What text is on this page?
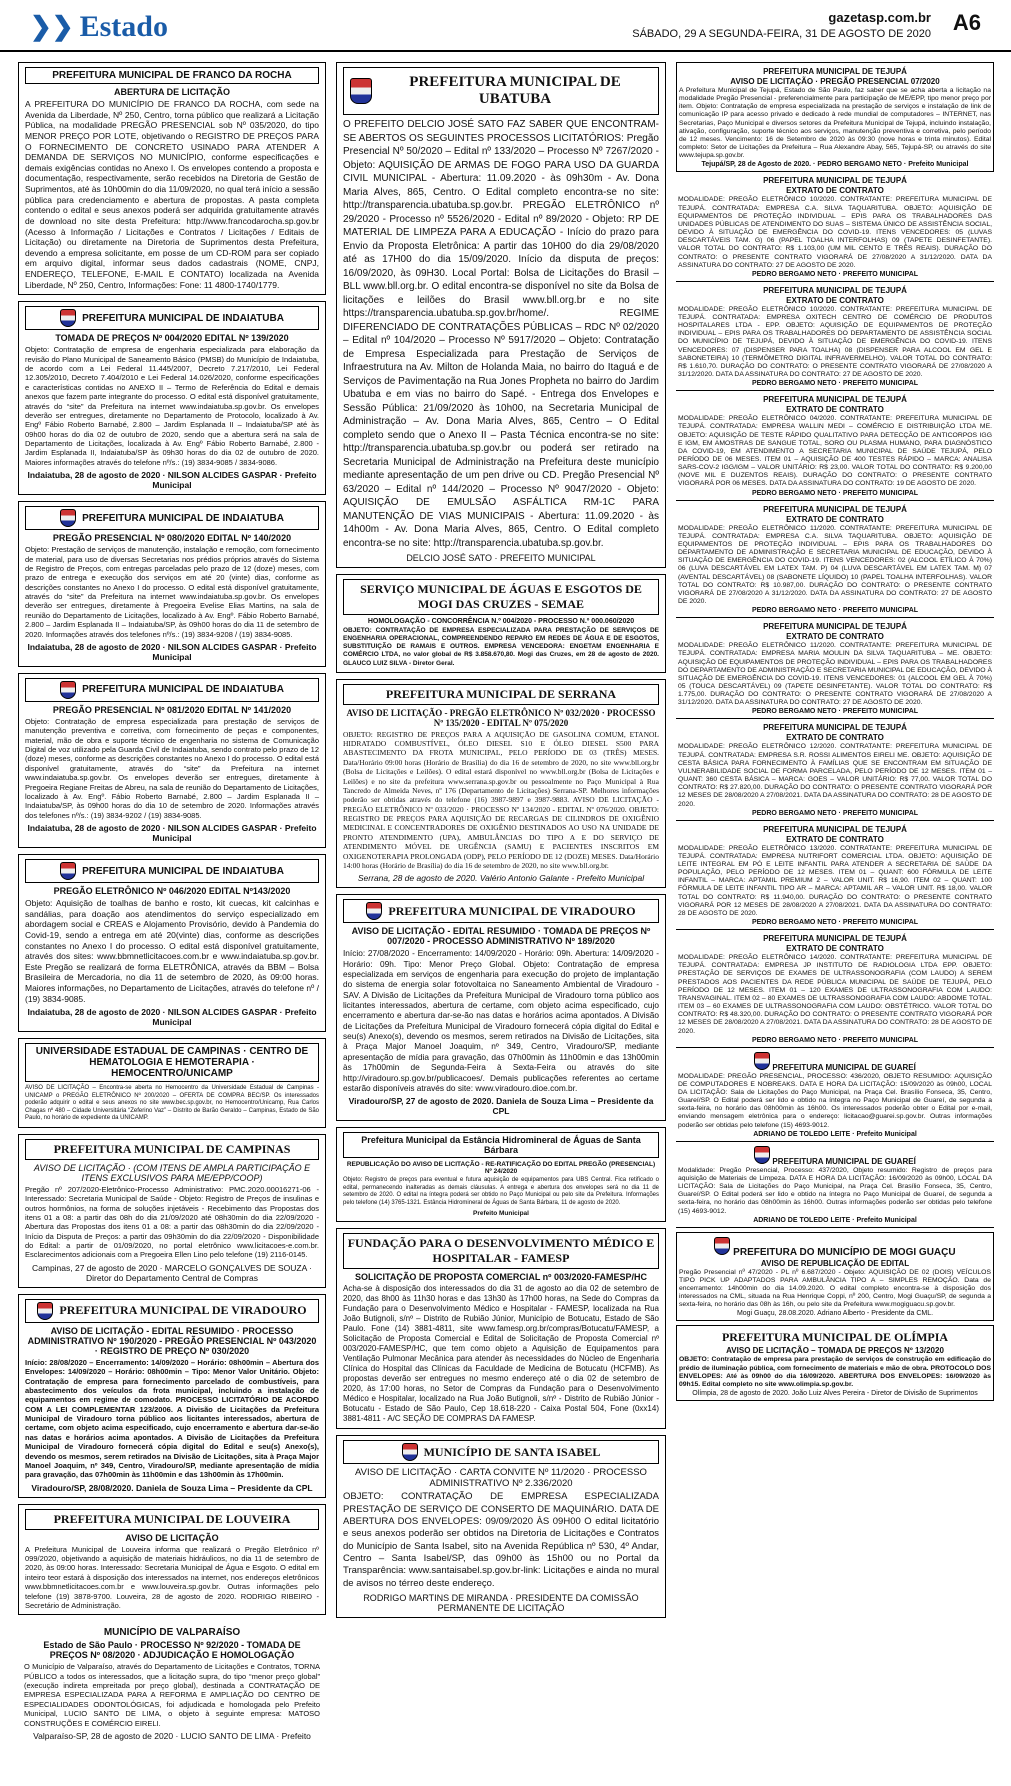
❯❯ Estado	gazetasp.com.br
SÁBADO, 29 A SEGUNDA-FEIRA, 31 DE AGOSTO DE 2020 A6
PREFEITURA MUNICIPAL DE FRANCO DA ROCHA
ABERTURA DE LICITAÇÃO
A PREFEITURA DO MUNICÍPIO DE FRANCO DA ROCHA, com sede na Avenida da Liberdade, Nº 250, Centro, torna público que realizará a Licitação Pública, na modalidade PREGÃO PRESENCIAL sob Nº 035/2020, do tipo MENOR PREÇO POR LOTE, objetivando o REGISTRO DE PREÇOS PARA O FORNECIMENTO DE CONCRETO USINADO PARA ATENDER A DEMANDA DE SERVIÇOS NO MUNICÍPIO, conforme especificações e demais exigências contidas no Anexo I. Os envelopes contendo a proposta e documentação, respectivamente, serão recebidos na Diretoria de Gestão de Suprimentos, até às 10h00min do dia 11/09/2020, no qual terá início a sessão pública para credenciamento e abertura de propostas. A pasta completa contendo o edital e seus anexos poderá ser adquirida gratuitamente através de download no site desta Prefeitura: http://www.francodarocha.sp.gov.br (Acesso à Informação / Licitações e Contratos / Licitações / Editais de Licitação) ou diretamente na Diretoria de Suprimentos desta Prefeitura, devendo a empresa solicitante, em posse de um CD-ROM para ser copiado em arquivo digital, informar seus dados cadastrais (NOME, CNPJ, ENDEREÇO, TELEFONE, E-MAIL E CONTATO) localizada na Avenida Liberdade, Nº 250, Centro, Informações: Fone: 11 4800-1740/1779.
PREFEITURA MUNICIPAL DE INDAIATUBA
TOMADA DE PREÇOS Nº 004/2020 EDITAL Nº 139/2020
Objeto: Contratação de empresa de engenharia especializada para elaboração da revisão do Plano Municipal de Saneamento Básico (PMSB) do Município de Indaiatuba, de acordo com a Lei Federal 11.445/2007, Decreto 7.217/2010, Lei Federal 12.305/2010, Decreto 7.404/2010 e Lei Federal 14.026/2020, conforme especificações e características contidas no ANEXO II – Termo de Referência do Edital e demais anexos que fazem parte integrante do processo. O edital está disponível gratuitamente, através do “site” da Prefeitura na internet www.indaiatuba.sp.gov.br. Os envelopes deverão ser entregues, diretamente no Departamento de Protocolo, localizado à Av. Engº Fábio Roberto Barnabé, 2.800 – Jardim Esplanada II – Indaiatuba/SP até às 09h00 horas do dia 02 de outubro de 2020, sendo que a abertura será na sala de Departamento de Licitações, localizada à Av. Engº Fábio Roberto Barnabé, 2.800 - Jardim Esplanada II, Indaiatuba/SP às 09h30 horas do dia 02 de outubro de 2020. Maiores informações através do telefone nº/s.: (19) 3834-9085 / 3834-9086.
Indaiatuba, 28 de agosto de 2020 · NILSON ALCIDES GASPAR · Prefeito Municipal
PREFEITURA MUNICIPAL DE INDAIATUBA
PREGÃO PRESENCIAL Nº 080/2020 EDITAL Nº 140/2020
Objeto: Prestação de serviços de manutenção, instalação e remoção, com fornecimento de material, para uso de diversas Secretarias nos prédios próprios através do Sistema de Registro de Preços, com entregas parceladas pelo prazo de 12 (doze) meses, com prazo de entrega e execução dos serviços em até 20 (vinte) dias, conforme as descrições constantes no Anexo I do processo. O edital está disponível gratuitamente, através do “site” da Prefeitura na internet www.indaiatuba.sp.gov.br. Os envelopes deverão ser entregues, diretamente à Pregoeira Evelise Elias Martins, na sala de reunião do Departamento de Licitações, localizado à Av. Engº. Fábio Roberto Barnabé, 2.800 – Jardim Esplanada II – Indaiatuba/SP, às 09h00 horas do dia 11 de setembro de 2020. Informações através dos telefones nº/s.: (19) 3834-9208 / (19) 3834-9085.
Indaiatuba, 28 de agosto de 2020 · NILSON ALCIDES GASPAR · Prefeito Municipal
PREFEITURA MUNICIPAL DE INDAIATUBA
PREGÃO PRESENCIAL Nº 081/2020 EDITAL Nº 141/2020
Objeto: Contratação de empresa especializada para prestação de serviços de manutenção preventiva e corretiva, com fornecimento de peças e componentes, material, mão de obra e suporte técnico de engenharia no sistema de Comunicação Digital de voz utilizado pela Guarda Civil de Indaiatuba, sendo contrato pelo prazo de 12 (doze) meses, conforme as descrições constantes no Anexo I do processo. O edital está disponível gratuitamente, através do “site” da Prefeitura na internet www.indaiatuba.sp.gov.br. Os envelopes deverão ser entregues, diretamente à Pregoeira Regiane Freitas de Abreu, na sala de reunião do Departamento de Licitações, localizado à Av. Engº. Fábio Roberto Barnabé, 2.800 – Jardim Esplanada II – Indaiatuba/SP, às 09h00 horas do dia 10 de setembro de 2020. Informações através dos telefones nº/s.: (19) 3834-9202 / (19) 3834-9085.
Indaiatuba, 28 de agosto de 2020 · NILSON ALCIDES GASPAR · Prefeito Municipal
PREFEITURA MUNICIPAL DE INDAIATUBA
PREGÃO ELETRÔNICO Nº 046/2020 EDITAL Nº143/2020
Objeto: Aquisição de toalhas de banho e rosto, kit cuecas, kit calcinhas e sandálias, para doação aos atendimentos do serviço especializado em abordagem social e CREAS e Alojamento Provisório, devido à Pandemia do Covid-19, sendo a entrega em até 20(vinte) dias, conforme as descrições constantes no Anexo I do processo. O edital está disponível gratuitamente, através dos sites: www.bbmnetlicitacoes.com.br e www.indaiatuba.sp.gov.br. Este Pregão se realizará de forma ELETRÔNICA, através da BBM – Bolsa Brasileira de Mercadoria, no dia 11 de setembro de 2020, às 09:00 horas. Maiores informações, no Departamento de Licitações, através do telefone nº / (19) 3834-9085.
Indaiatuba, 28 de agosto de 2020 · NILSON ALCIDES GASPAR · Prefeito Municipal
UNIVERSIDADE ESTADUAL DE CAMPINAS · CENTRO DE HEMATOLOGIA E HEMOTERAPIA · HEMOCENTRO/UNICAMP
AVISO DE LICITAÇÃO – Encontra-se aberta no Hemocentro da Universidade Estadual de Campinas - UNICAMP o PREGÃO ELETRÔNICO Nº 200/2020 – OFERTA DE COMPRA BEC/SP. Os interessados poderão adquirir o edital e seus anexos no site www.bec.sp.gov.br, no Hemocentro/Unicamp, Rua Carlos Chagas nº 480 – Cidade Universitária “Zeferino Vaz” – Distrito de Barão Geraldo – Campinas, Estado de São Paulo, no horário de expediente da UNICAMP.
PREFEITURA MUNICIPAL DE CAMPINAS
AVISO DE LICITAÇÃO · (COM ITENS DE AMPLA PARTICIPAÇÃO E ITENS EXCLUSIVOS PARA ME/EPP/COOP)
Pregão nº 207/2020-Eletrônico-Processo Administrativo: PMC.2020.00016271-06 - Interessado: Secretaria Municipal de Saúde - Objeto: Registro de Preços de insulinas e outros hormônios, na forma de soluções injetáveis - Recebimento das Propostas dos itens 01 a 08: a partir das 08h do dia 21/09/2020 até 08h30min do dia 22/09/2020 - Abertura das Propostas dos itens 01 a 08: a partir das 08h30min do dia 22/09/2020 - Início da Disputa de Preços: a partir das 09h30min do dia 22/09/2020 - Disponibilidade do Edital: a partir de 01/09/2020, no portal eletrônico www.licitacoes-e.com.br. Esclarecimentos adicionais com a Pregoeira Ellen Lino pelo telefone (19) 2116-0145.
Campinas, 27 de agosto de 2020 · MARCELO GONÇALVES DE SOUZA · Diretor do Departamento Central de Compras
PREFEITURA MUNICIPAL DE VIRADOURO
AVISO DE LICITAÇÃO - EDITAL RESUMIDO · PROCESSO ADMINISTRATIVO Nº 190/2020 - PREGÃO PRESENCIAL Nº 043/2020 · REGISTRO DE PREÇO Nº 030/2020
Início: 28/08/2020 – Encerramento: 14/09/2020 – Horário: 08h00min – Abertura dos Envelopes: 14/09/2020 – Horário: 08h00min – Tipo: Menor Valor Unitário. Objeto: Contratação de empresa para fornecimento parcelado de combustíveis, para abastecimento dos veículos da frota municipal, incluindo a instalação de equipamentos em regime de comodato. PROCESSO LICITATÓRIO DE ACORDO COM A LEI COMPLEMENTAR 123/2006. A Divisão de Licitações da Prefeitura Municipal de Viradouro torna público aos licitantes interessados, abertura de certame, com objeto acima especificado, cujo encerramento e abertura dar-se-ão nas datas e horários acima apontados. A Divisão de Licitações da Prefeitura Municipal de Viradouro fornecerá cópia digital do Edital e seu(s) Anexo(s), devendo os mesmos, serem retirados na Divisão de Licitações, sita à Praça Major Manoel Joaquim, nº 349, Centro, Viradouro/SP, mediante apresentação de mídia para gravação, das 07h00min às 11h00min e das 13h00min às 17h00min.
Viradouro/SP, 28/08/2020. Daniela de Souza Lima – Presidente da CPL
PREFEITURA MUNICIPAL DE LOUVEIRA
AVISO DE LICITAÇÃO
A Prefeitura Municipal de Louveira informa que realizará o Pregão Eletrônico nº 099/2020, objetivando a aquisição de materiais hidráulicos, no dia 11 de setembro de 2020, às 09:00 horas. Interessado: Secretaria Municipal de Água e Esgoto. O edital em inteiro teor estará à disposição dos interessados na internet, nos endereços eletrônicos www.bbmnetlicitacoes.com.br e www.louveira.sp.gov.br. Outras informações pelo telefone (19) 3878-9700. Louveira, 28 de agosto de 2020. RODRIGO RIBEIRO - Secretário de Administração.
MUNICÍPIO DE VALPARAÍSO
Estado de São Paulo · PROCESSO Nº 92/2020 - TOMADA DE PREÇOS Nº 08/2020 · ADJUDICAÇÃO E HOMOLOGAÇÃO
O Município de Valparaíso, através do Departamento de Licitações e Contratos, TORNA PÚBLICO a todos os interessados, que a licitação supra, do tipo “menor preço global” (execução indireta empreitada por preço global), destinada a CONTRATAÇÃO DE EMPRESA ESPECIALIZADA PARA A REFORMA E AMPLIAÇÃO DO CENTRO DE ESPECIALIDADES ODONTOLÓGICAS, foi adjudicada e homologada pelo Prefeito Municipal, LUCIO SANTO DE LIMA, o objeto à seguinte empresa: MATOSO CONSTRUÇÕES E COMÉRCIO EIRELI.
Valparaíso-SP, 28 de agosto de 2020 · LUCIO SANTO DE LIMA · Prefeito
PREFEITURA MUNICIPAL DE UBATUBA
O PREFEITO DELCIO JOSÉ SATO FAZ SABER QUE ENCONTRAM-SE ABERTOS OS SEGUINTES PROCESSOS LICITATÓRIOS: Pregão Presencial Nº 50/2020 – Edital nº 133/2020 – Processo Nº 7267/2020 - Objeto: AQUISIÇÃO DE ARMAS DE FOGO PARA USO DA GUARDA CIVIL MUNICIPAL - Abertura: 11.09.2020 - às 09h30m - Av. Dona Maria Alves, 865, Centro. O Edital completo encontra-se no site: http://transparencia.ubatuba.sp.gov.br. PREGÃO ELETRÔNICO nº 29/2020 - Processo nº 5526/2020 - Edital nº 89/2020 - Objeto: RP DE MATERIAL DE LIMPEZA PARA A EDUCAÇÃO - Início do prazo para Envio da Proposta Eletrônica: A partir das 10H00 do dia 29/08/2020 até as 17H00 do dia 15/09/2020. Início da disputa de preços: 16/09/2020, às 09H30. Local Portal: Bolsa de Licitações do Brasil – BLL www.bll.org.br. O edital encontra-se disponível no site da Bolsa de licitações e leilões do Brasil www.bll.org.br e no site https://transparencia.ubatuba.sp.gov.br/home/. REGIME DIFERENCIADO DE CONTRATAÇÕES PÚBLICAS – RDC Nº 02/2020 – Edital nº 104/2020 – Processo Nº 5917/2020 – Objeto: Contratação de Empresa Especializada para Prestação de Serviços de Infraestrutura na Av. Milton de Holanda Maia, no bairro do Itaguá e de Serviços de Pavimentação na Rua Jones Propheta no bairro do Jardim Ubatuba e em vias no bairro do Sapé. - Entrega dos Envelopes e Sessão Pública: 21/09/2020 às 10h00, na Secretaria Municipal de Administração – Av. Dona Maria Alves, 865, Centro – O Edital completo sendo que o Anexo II – Pasta Técnica encontra-se no site: http://transparencia.ubatuba.sp.gov.br ou poderá ser retirado na Secretaria Municipal de Administração na Prefeitura deste município mediante apresentação de um pen drive ou CD. Pregão Presencial Nº 63/2020 – Edital nº 144/2020 – Processo Nº 9047/2020 - Objeto: AQUISIÇÃO DE EMULSÃO ASFÁLTICA RM-1C PARA MANUTENÇÃO DE VIAS MUNICIPAIS - Abertura: 11.09.2020 - às 14h00m - Av. Dona Maria Alves, 865, Centro. O Edital completo encontra-se no site: http://transparencia.ubatuba.sp.gov.br.
DELCIO JOSÉ SATO · PREFEITO MUNICIPAL
SERVIÇO MUNICIPAL DE ÁGUAS E ESGOTOS DE MOGI DAS CRUZES - SEMAE
HOMOLOGAÇÃO - CONCORRÊNCIA N.º 004/2020 - PROCESSO N.º 000.060/2020
OBJETO: CONTRATAÇÃO DE EMPRESA ESPECIALIZADA PARA PRESTAÇÃO DE SERVIÇOS DE ENGENHARIA OPERACIONAL, COMPREENDENDO REPARO EM REDES DE ÁGUA E DE ESGOTOS, SUBSTITUIÇÃO DE RAMAIS E OUTROS. EMPRESA VENCEDORA: ENGETAM ENGENHARIA E COMÉRCIO LTDA, no valor global de R$ 3.858.670,80. Mogi das Cruzes, em 28 de agosto de 2020. GLAUCO LUIZ SILVA - Diretor Geral.
PREFEITURA MUNICIPAL DE SERRANA
AVISO DE LICITAÇÃO - PREGÃO ELETRÔNICO Nº 032/2020 · PROCESSO Nº 135/2020 - EDITAL Nº 075/2020
OBJETO: REGISTRO DE PREÇOS PARA A AQUISIÇÃO DE GASOLINA COMUM, ETANOL HIDRATADO COMBUSTÍVEL, ÓLEO DIESEL S10 E ÓLEO DIESEL S500 PARA ABASTECIMENTO DA FROTA MUNICIPAL, PELO PERÍODO DE 03 (TRÊS) MESES. Data/Horário 09:00 horas (Horário de Brasília) do dia 16 de setembro de 2020, no site www.bll.org.br (Bolsa de Licitações e Leilões). O edital estará disponível no www.bll.org.br (Bolsa de Licitações e Leilões) e no site da prefeitura www.serrana.sp.gov.br ou pessoalmente no Paço Municipal à Rua Tancredo de Almeida Neves, nº 176 (Departamento de Licitações) Serrana-SP. Melhores informações poderão ser obtidas através do telefone (16) 3987-9897 e 3987-9883. AVISO DE LICITAÇÃO - PREGÃO ELETRÔNICO Nº 033/2020 · PROCESSO Nº 134/2020 - EDITAL Nº 076/2020. OBJETO: REGISTRO DE PREÇOS PARA AQUISIÇÃO DE RECARGAS DE CILINDROS DE OXIGÊNIO MEDICINAL E CONCENTRADORES DE OXIGÊNIO DESTINADOS AO USO NA UNIDADE DE PRONTO ATENDIMENTO (UPA), AMBULÂNCIAS DO TIPO A E DO SERVIÇO DE ATENDIMENTO MÓVEL DE URGÊNCIA (SAMU) E PACIENTES INSCRITOS EM OXIGENOTERAPIA PROLONGADA (ODP), PELO PERÍODO DE 12 (DOZE) MESES. Data/Horário 14:00 horas (Horário de Brasília) do dia 16 de setembro de 2020, no site www.bll.org.br.
Serrana, 28 de agosto de 2020. Valério Antonio Galante - Prefeito Municipal
PREFEITURA MUNICIPAL DE VIRADOURO
AVISO DE LICITAÇÃO - EDITAL RESUMIDO · TOMADA DE PREÇOS Nº 007/2020 - PROCESSO ADMINISTRATIVO Nº 189/2020
Início: 27/08/2020 - Encerramento: 14/09/2020 - Horário: 09h. Abertura: 14/09/2020 - Horário: 09h. Tipo: Menor Preço Global. Objeto: Contratação de empresa especializada em serviços de engenharia para execução do projeto de implantação do sistema de energia solar fotovoltaica no Saneamento Ambiental de Viradouro - SAV. A Divisão de Licitações da Prefeitura Municipal de Viradouro torna público aos licitantes interessados, abertura de certame, com objeto acima especificado, cujo encerramento e abertura dar-se-ão nas datas e horários acima apontados. A Divisão de Licitações da Prefeitura Municipal de Viradouro fornecerá cópia digital do Edital e seu(s) Anexo(s), devendo os mesmos, serem retirados na Divisão de Licitações, sita à Praça Major Manoel Joaquim, nº 349, Centro, Viradouro/SP, mediante apresentação de mídia para gravação, das 07h00min às 11h00min e das 13h00min às 17h00min de Segunda-Feira à Sexta-Feira ou através do site http://viradouro.sp.gov.br/publicacoes/. Demais publicações referentes ao certame estarão disponíveis através do site: www.viradouro.dioe.com.br.
Viradouro/SP, 27 de agosto de 2020. Daniela de Souza Lima – Presidente da CPL
Prefeitura Municipal da Estância Hidromineral de Águas de Santa Bárbara
REPUBLICAÇÃO DO AVISO DE LICITAÇÃO - RE-RATIFICAÇÃO DO EDITAL PREGÃO (PRESENCIAL) Nº 24/2020
Objeto: Registro de preços para eventual e futura aquisição de equipamentos para UBS Central. Fica retificado o edital, permanecendo inalteradas as demais cláusulas. A entrega e abertura dos envelopes será no dia 11 de setembro de 2020. O edital na íntegra poderá ser obtido no Paço Municipal ou pelo site da Prefeitura. Informações pelo telefone (14) 3765-1321. Estância Hidromineral de Águas de Santa Bárbara, 11 de agosto de 2020.
Prefeito Municipal
FUNDAÇÃO PARA O DESENVOLVIMENTO MÉDICO E HOSPITALAR - FAMESP
SOLICITAÇÃO DE PROPOSTA COMERCIAL nº 003/2020-FAMESP/HC
Acha-se à disposição dos interessados do dia 31 de agosto ao dia 02 de setembro de 2020, das 8h00 às 11h30 horas e das 13h30 às 17h00 horas, na Sede do Compras da Fundação para o Desenvolvimento Médico e Hospitalar - FAMESP, localizada na Rua João Butignoli, s/nº – Distrito de Rubião Júnior, Município de Botucatu, Estado de São Paulo. Fone (14) 3881-4811, site www.famesp.org.br/compras/Botucatu/FAMESP, a Solicitação de Proposta Comercial e Edital de Solicitação de Proposta Comercial nº 003/2020-FAMESP/HC, que tem como objeto a Aquisição de Equipamentos para Ventilação Pulmonar Mecânica para atender às necessidades do Núcleo de Engenharia Clínica do Hospital das Clínicas da Faculdade de Medicina de Botucatu (HCFMB). As propostas deverão ser entregues no mesmo endereço até o dia 02 de setembro de 2020, às 17:00 horas, no Setor de Compras da Fundação para o Desenvolvimento Médico e Hospitalar, localizado na Rua João Butignoli, s/nº - Distrito de Rubião Júnior - Botucatu - Estado de São Paulo, Cep 18.618-220 - Caixa Postal 504, Fone (0xx14) 3881-4811 - A/C SEÇÃO DE COMPRAS DA FAMESP.
MUNICÍPIO DE SANTA ISABEL
AVISO DE LICITAÇÃO · CARTA CONVITE Nº 11/2020 · PROCESSO ADMINISTRATIVO Nº 2.336/2020
OBJETO: CONTRATAÇÃO DE EMPRESA ESPECIALIZADA PRESTAÇÃO DE SERVIÇO DE CONSERTO DE MAQUINÁRIO. DATA DE ABERTURA DOS ENVELOPES: 09/09/2020 ÀS 09H00 O edital licitatório e seus anexos poderão ser obtidos na Diretoria de Licitações e Contratos do Município de Santa Isabel, sito na Avenida República nº 530, 4º Andar, Centro – Santa Isabel/SP, das 09h00 às 15h00 ou no Portal da Transparência: www.santaisabel.sp.gov.br-link: Licitações e ainda no mural de avisos no térreo deste endereço.
RODRIGO MARTINS DE MIRANDA · PRESIDENTE DA COMISSÃO PERMANENTE DE LICITAÇÃO
PREFEITURA MUNICIPAL DE TEJUPÁ
AVISO DE LICITAÇÃO · PREGÃO PRESENCIAL 07/2020
A Prefeitura Municipal de Tejupá, Estado de São Paulo, faz saber que se acha aberta a licitação na modalidade Pregão Presencial - preferencialmente para participação de ME/EPP, tipo menor preço por item. Objeto: Contratação de empresa especializada na prestação de serviços e instalação de link de comunicação IP para acesso privado e dedicado à rede mundial de computadores – INTERNET, nas Secretarias, Paço Municipal e diversos setores da Prefeitura Municipal de Tejupá, incluindo instalação, ativação, configuração, suporte técnico aos serviços, manutenção preventiva e corretiva, pelo período de 12 meses. Vencimento: 16 de Setembro de 2020 às 09:30 (nove horas e trinta minutos). Edital completo: Setor de Licitações da Prefeitura – Rua Alexandre Abay, 565, Tejupá-SP, ou através do site www.tejupa.sp.gov.br.
Tejupá/SP, 28 de Agosto de 2020. · PEDRO BERGAMO NETO · Prefeito Municipal
PREFEITURA MUNICIPAL DE TEJUPÁ
EXTRATO DE CONTRATO
MODALIDADE: PREGÃO ELETRÔNICO 10/2020. CONTRATANTE: PREFEITURA MUNICIPAL DE TEJUPÁ. CONTRATADA: EMPRESA C.A. SILVA TAQUARITUBA. OBJETO: AQUISIÇÃO DE EQUIPAMENTOS DE PROTEÇÃO INDIVIDUAL – EPIS PARA OS TRABALHADORES DAS UNIDADES PÚBLICAS DE ATENDIMENTO DO SUAS – SISTEMA ÚNICO DE ASSISTÊNCIA SOCIAL, DEVIDO À SITUAÇÃO DE EMERGÊNCIA DO COVID-19. ITENS VENCEDORES: 05 (LUVAS DESCARTÁVEIS TAM. G) 06 (PAPEL TOALHA INTERFOLHAS) 09 (TAPETE DESINFETANTE). VALOR TOTAL DO CONTRATO: R$ 1.103,00 (UM MIL CENTO E TRÊS REAIS). DURAÇÃO DO CONTRATO: O PRESENTE CONTRATO VIGORARÁ DE 27/08/2020 A 31/12/2020. DATA DA ASSINATURA DO CONTRATO: 27 DE AGOSTO DE 2020.
PEDRO BERGAMO NETO · PREFEITO MUNICIPAL
PREFEITURA MUNICIPAL DE TEJUPÁ
EXTRATO DE CONTRATO
MODALIDADE: PREGÃO ELETRÔNICO 10/2020. CONTRATANTE: PREFEITURA MUNICIPAL DE TEJUPÁ. CONTRATADA: EMPRESA OXITECH CENTRO DE COMÉRCIO DE PRODUTOS HOSPITALARES LTDA - EPP. OBJETO: AQUISIÇÃO DE EQUIPAMENTOS DE PROTEÇÃO INDIVIDUAL – EPIS PARA OS TRABALHADORES DO DEPARTAMENTO DE ASSISTÊNCIA SOCIAL DO MUNICÍPIO DE TEJUPÁ, DEVIDO À SITUAÇÃO DE EMERGÊNCIA DO COVID-19. ITENS VENCEDORES: 07 (DISPENSER PARA TOALHA) 08 (DISPENSER PARA ALCOOL EM GEL E SABONETEIRA) 10 (TERMÔMETRO DIGITAL INFRAVERMELHO). VALOR TOTAL DO CONTRATO: R$ 1.610,70. DURAÇÃO DO CONTRATO: O PRESENTE CONTRATO VIGORARÁ DE 27/08/2020 A 31/12/2020. DATA DA ASSINATURA DO CONTRATO: 27 DE AGOSTO DE 2020.
PEDRO BERGAMO NETO · PREFEITO MUNICIPAL
PREFEITURA MUNICIPAL DE TEJUPÁ
EXTRATO DE CONTRATO
MODALIDADE: PREGÃO ELETRÔNICO 04/2020. CONTRATANTE: PREFEITURA MUNICIPAL DE TEJUPÁ. CONTRATADA: EMPRESA WALLIN MEDI – COMÉRCIO E DISTRIBUIÇÃO LTDA ME. OBJETO: AQUISIÇÃO DE TESTE RÁPIDO QUALITATIVO PARA DETECÇÃO DE ANTICORPOS IGG E IGM, EM AMOSTRAS DE SANGUE TOTAL, SORO OU PLASMA HUMANO, PARA DIAGNÓSTICO DA COVID-19, EM ATENDIMENTO A SECRETARIA MUNICIPAL DE SAÚDE TEJUPÁ, PELO PERÍODO DE 06 MESES. ITEM 01 – AQUISIÇÃO DE 400 TESTES RÁPIDO – MARCA: ANALISA SARS-COV-2 IGG/IGM – VALOR UNITÁRIO: R$ 23,00. VALOR TOTAL DO CONTRATO: R$ 9.200,00 (NOVE MIL E DUZENTOS REAIS). DURAÇÃO DO CONTRATO: O PRESENTE CONTRATO VIGORARÁ POR 06 MESES. DATA DA ASSINATURA DO CONTRATO: 19 DE AGOSTO DE 2020.
PEDRO BERGAMO NETO · PREFEITO MUNICIPAL
PREFEITURA MUNICIPAL DE TEJUPÁ
EXTRATO DE CONTRATO
MODALIDADE: PREGÃO ELETRÔNICO 11/2020. CONTRATANTE: PREFEITURA MUNICIPAL DE TEJUPÁ. CONTRATADA: EMPRESA C.A. SILVA TAQUARITUBA. OBJETO: AQUISIÇÃO DE EQUIPAMENTOS DE PROTEÇÃO INDIVIDUAL – EPIS PARA OS TRABALHADORES DO DEPARTAMENTO DE ADMINISTRAÇÃO E SECRETARIA MUNICIPAL DE EDUCAÇÃO, DEVIDO À SITUAÇÃO DE EMERGÊNCIA DO COVID-19. ITENS VENCEDORES: 02 (ALCOOL ETÍLICO À 70%) 06 (LUVA DESCARTÁVEL EM LATEX TAM. P) 04 (LUVA DESCARTÁVEL EM LATEX TAM. M) 07 (AVENTAL DESCARTÁVEL) 08 (SABONETE LÍQUIDO) 10 (PAPEL TOALHA INTERFOLHAS). VALOR TOTAL DO CONTRATO: R$ 10.987,00. DURAÇÃO DO CONTRATO: O PRESENTE CONTRATO VIGORARÁ DE 27/08/2020 A 31/12/2020. DATA DA ASSINATURA DO CONTRATO: 27 DE AGOSTO DE 2020.
PEDRO BERGAMO NETO · PREFEITO MUNICIPAL
PREFEITURA MUNICIPAL DE TEJUPÁ
EXTRATO DE CONTRATO
MODALIDADE: PREGÃO ELETRÔNICO 11/2020. CONTRATANTE: PREFEITURA MUNICIPAL DE TEJUPÁ. CONTRATADA: EMPRESA MARIA MOULIN DA SILVA TAQUARITUBA – ME. OBJETO: AQUISIÇÃO DE EQUIPAMENTOS DE PROTEÇÃO INDIVIDUAL – EPIS PARA OS TRABALHADORES DO DEPARTAMENTO DE ADMINISTRAÇÃO E SECRETARIA MUNICIPAL DE EDUCAÇÃO, DEVIDO À SITUAÇÃO DE EMERGÊNCIA DO COVID-19. ITENS VENCEDORES: 01 (ALCOOL EM GEL À 70%) 05 (TOUCA DESCARTÁVEL) 09 (TAPETE DESINFETANTE). VALOR TOTAL DO CONTRATO: R$ 1.775,00. DURAÇÃO DO CONTRATO: O PRESENTE CONTRATO VIGORARÁ DE 27/08/2020 A 31/12/2020. DATA DA ASSINATURA DO CONTRATO: 27 DE AGOSTO DE 2020.
PEDRO BERGAMO NETO · PREFEITO MUNICIPAL
PREFEITURA MUNICIPAL DE TEJUPÁ
EXTRATO DE CONTRATO
MODALIDADE: PREGÃO ELETRÔNICO 12/2020. CONTRATANTE: PREFEITURA MUNICIPAL DE TEJUPÁ. CONTRATADA: EMPRESA S.R. ROSSI ALIMENTOS EIRELI ME. OBJETO: AQUISIÇÃO DE CESTA BÁSICA PARA FORNECIMENTO À FAMÍLIAS QUE SE ENCONTRAM EM SITUAÇÃO DE VULNERABILIDADE SOCIAL DE FORMA PARCELADA, PELO PERÍODO DE 12 MESES. ITEM 01 – QUANT: 360 CESTA BÁSICA – MARCA: GOES – VALOR UNITÁRIO: R$ 77,00. VALOR TOTAL DO CONTRATO: R$ 27.820,00. DURAÇÃO DO CONTRATO: O PRESENTE CONTRATO VIGORARÁ POR 12 MESES DE 28/08/2020 A 27/08/2021. DATA DA ASSINATURA DO CONTRATO: 28 DE AGOSTO DE 2020.
PEDRO BERGAMO NETO · PREFEITO MUNICIPAL
PREFEITURA MUNICIPAL DE TEJUPÁ
EXTRATO DE CONTRATO
MODALIDADE: PREGÃO ELETRÔNICO 13/2020. CONTRATANTE: PREFEITURA MUNICIPAL DE TEJUPÁ. CONTRATADA: EMPRESA NUTRIFORT COMERCIAL LTDA. OBJETO: AQUISIÇÃO DE LEITE INTEGRAL EM PÓ E LEITE INFANTIL PARA ATENDER A SECRETARIA DE SAÚDE DA POPULAÇÃO, PELO PERÍODO DE 12 MESES. ITEM 01 – QUANT: 600 FÓRMULA DE LEITE INFANTIL – MARCA: APTAMIL PREMIUM 2 – VALOR UNIT. R$ 16,90. ITEM 02 – QUANT: 100 FÓRMULA DE LEITE INFANTIL TIPO AR – MARCA: APTAMIL AR – VALOR UNIT. R$ 18,00. VALOR TOTAL DO CONTRATO: R$ 11.940,00. DURAÇÃO DO CONTRATO: O PRESENTE CONTRATO VIGORARÁ POR 12 MESES DE 28/08/2020 A 27/08/2021. DATA DA ASSINATURA DO CONTRATO: 28 DE AGOSTO DE 2020.
PEDRO BERGAMO NETO · PREFEITO MUNICIPAL
PREFEITURA MUNICIPAL DE TEJUPÁ
EXTRATO DE CONTRATO
MODALIDADE: PREGÃO ELETRÔNICO 14/2020. CONTRATANTE: PREFEITURA MUNICIPAL DE TEJUPÁ. CONTRATADA: EMPRESA JP INSTITUTO DE RADIOLOGIA LTDA EPP. OBJETO: PRESTAÇÃO DE SERVIÇOS DE EXAMES DE ULTRASSONOGRAFIA (COM LAUDO) A SEREM PRESTADOS AOS PACIENTES DA REDE PÚBLICA MUNICIPAL DE SAÚDE DE TEJUPÁ, PELO PERÍODO DE 12 MESES. ITEM 01 – 120 EXAMES DE ULTRASSONOGRAFIA COM LAUDO: TRANSVAGINAL. ITEM 02 – 80 EXAMES DE ULTRASSONOGRAFIA COM LAUDO: ABDOME TOTAL. ITEM 03 – 60 EXAMES DE ULTRASSONOGRAFIA COM LAUDO: OBSTÉTRICO. VALOR TOTAL DO CONTRATO: R$ 48.320,00. DURAÇÃO DO CONTRATO: O PRESENTE CONTRATO VIGORARÁ POR 12 MESES DE 28/08/2020 A 27/08/2021. DATA DA ASSINATURA DO CONTRATO: 28 DE AGOSTO DE 2020.
PEDRO BERGAMO NETO · PREFEITO MUNICIPAL
PREFEITURA MUNICIPAL DE GUAREÍ
MODALIDADE: PREGÃO PRESENCIAL, PROCESSO: 436/2020, OBJETO RESUMIDO: AQUISIÇÃO DE COMPUTADORES E NOBREAKS. DATA E HORA DA LICITAÇÃO: 15/09/2020 às 09h00, LOCAL DA LICITAÇÃO: Sala de Licitações do Paço Municipal, na Praça Cel. Brasílio Fonseca, 35, Centro, Guareí/SP. O Edital poderá ser lido e obtido na íntegra no Paço Municipal de Guareí, de segunda a sexta-feira, no horário das 08h00min às 16h00. Os interessados poderão obter o Edital por e-mail, enviando mensagem eletrônica para o endereço: licitacao@guarei.sp.gov.br. Outras informações poderão ser obtidas pelo telefone (15) 4693-9012.
ADRIANO DE TOLEDO LEITE · Prefeito Municipal
PREFEITURA MUNICIPAL DE GUAREÍ
Modalidade: Pregão Presencial, Processo: 437/2020, Objeto resumido: Registro de preços para aquisição de Materiais de Limpeza. DATA E HORA DA LICITAÇÃO: 16/09/2020 às 09h00, LOCAL DA LICITAÇÃO: Sala de Licitações do Paço Municipal, na Praça Cel. Brasílio Fonseca, 35, Centro, Guareí/SP. O Edital poderá ser lido e obtido na íntegra no Paço Municipal de Guareí, de segunda a sexta-feira, no horário das 08h00min às 16h00. Outras informações poderão ser obtidas pelo telefone (15) 4693-9012.
ADRIANO DE TOLEDO LEITE · Prefeito Municipal
PREFEITURA DO MUNICÍPIO DE MOGI GUAÇU
AVISO DE REPUBLICAÇÃO DE EDITAL
Pregão Presencial nº 47/2020 - PL nº 6.687/2020 - Objeto: AQUISIÇÃO DE 02 (DOIS) VEÍCULOS TIPO PICK UP ADAPTADOS PARA AMBULÂNCIA TIPO A – SIMPLES REMOÇÃO. Data de encerramento: 14h00min do dia 14.09.2020. O edital completo encontra-se à disposição dos interessados na CML, situada na Rua Henrique Coppi, nº 200, Centro, Mogi Guaçu/SP, de segunda a sexta-feira, no horário das 08h às 16h, ou pelo site da Prefeitura www.mogiguacu.sp.gov.br.
Mogi Guaçu, 28.08.2020. Adriano Alberto - Presidente da CML.
PREFEITURA MUNICIPAL DE OLÍMPIA
AVISO DE LICITAÇÃO – TOMADA DE PREÇOS Nº 13/2020
OBJETO: Contratação de empresa para prestação de serviços de construção em edificação do prédio de iluminação pública, com fornecimento de materiais e mão de obra. PROTOCOLO DOS ENVELOPES: Até às 09h00 do dia 16/09/2020. ABERTURA DOS ENVELOPES: 16/09/2020 às 09h15. Edital completo no site www.olimpia.sp.gov.br.
Olímpia, 28 de agosto de 2020. João Luiz Alves Pereira - Diretor de Divisão de Suprimentos
